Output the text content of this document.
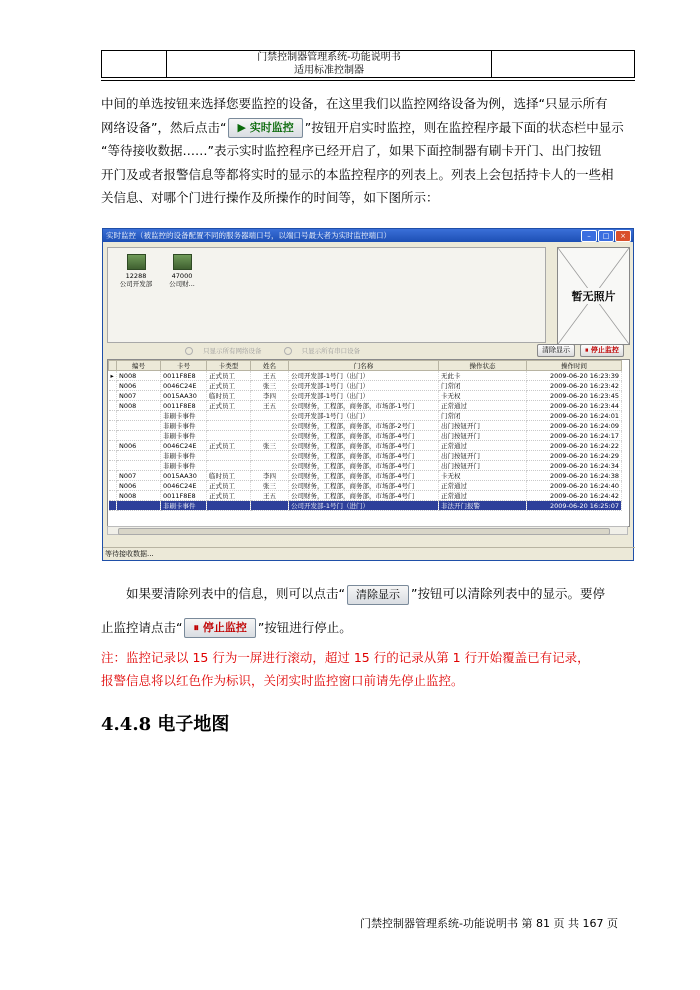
门禁控制器管理系统-功能说明书
适用标准控制器

中间的单选按钮来选择您要监控的设备，在这里我们以监控网络设备为例，选择“只显示所有
网络设备”，然后点击“ ▶ 实时监控 ”按钮开启实时监控，则在监控程序最下面的状态栏中显示
“等待接收数据……”表示实时监控程序已经开启了，如果下面控制器有刷卡开门、出门按钮
开门及或者报警信息等都将实时的显示的本监控程序的列表上。列表上会包括持卡人的一些相
关信息、对哪个门进行操作及所操作的时间等，如下图所示：
实时监控（被监控的设备配置不同的服务器端口号，以端口号最大者为实时监控端口）	–	□	×
12288
公司开发部
47000
公司财...
暂无照片
只显示所有网络设备	只显示所有串口设备	清除显示	⏸ 停止监控
	编号	卡号	卡类型	姓名	门名称	操作状态	操作时间
▸	N008	0011F8E8	正式员工	王五	公司开发部-1号门（出门）	无此卡	2009-06-20 16:23:39
	N006	0046C24E	正式员工	张三	公司开发部-1号门（出门）	门常闭	2009-06-20 16:23:42
	N007	0015AA30	临时员工	李四	公司开发部-1号门（出门）	卡无权	2009-06-20 16:23:45
	N008	0011F8E8	正式员工	王五	公司财务，工程部，商务部，市场部-1号门	正常通过	2009-06-20 16:23:44
		非刷卡事件			公司开发部-1号门（出门）	门常闭	2009-06-20 16:24:01
		非刷卡事件			公司财务，工程部，商务部，市场部-2号门	出门按钮开门	2009-06-20 16:24:09
		非刷卡事件			公司财务，工程部，商务部，市场部-4号门	出门按钮开门	2009-06-20 16:24:17
	N006	0046C24E	正式员工	张三	公司财务，工程部，商务部，市场部-4号门	正常通过	2009-06-20 16:24:22
		非刷卡事件			公司财务，工程部，商务部，市场部-4号门	出门按钮开门	2009-06-20 16:24:29
		非刷卡事件			公司财务，工程部，商务部，市场部-4号门	出门按钮开门	2009-06-20 16:24:34
	N007	0015AA30	临时员工	李四	公司财务，工程部，商务部，市场部-4号门	卡无权	2009-06-20 16:24:38
	N006	0046C24E	正式员工	张三	公司财务，工程部，商务部，市场部-4号门	正常通过	2009-06-20 16:24:40
	N008	0011F8E8	正式员工	王五	公司财务，工程部，商务部，市场部-4号门	正常通过	2009-06-20 16:24:42
		非刷卡事件			公司开发部-1号门（进门）	非法开门报警	2009-06-20 16:25:07
等待接收数据...
如果要清除列表中的信息，则可以点击“ 清除显示 ”按钮可以清除列表中的显示。要停
止监控请点击“ ⏸ 停止监控 ”按钮进行停止。
注：监控记录以 15 行为一屏进行滚动，超过 15 行的记录从第 1 行开始覆盖已有记录，
报警信息将以红色作为标识，关闭实时监控窗口前请先停止监控。
4.4.8 电子地图
门禁控制器管理系统-功能说明书 第 81 页 共 167 页
